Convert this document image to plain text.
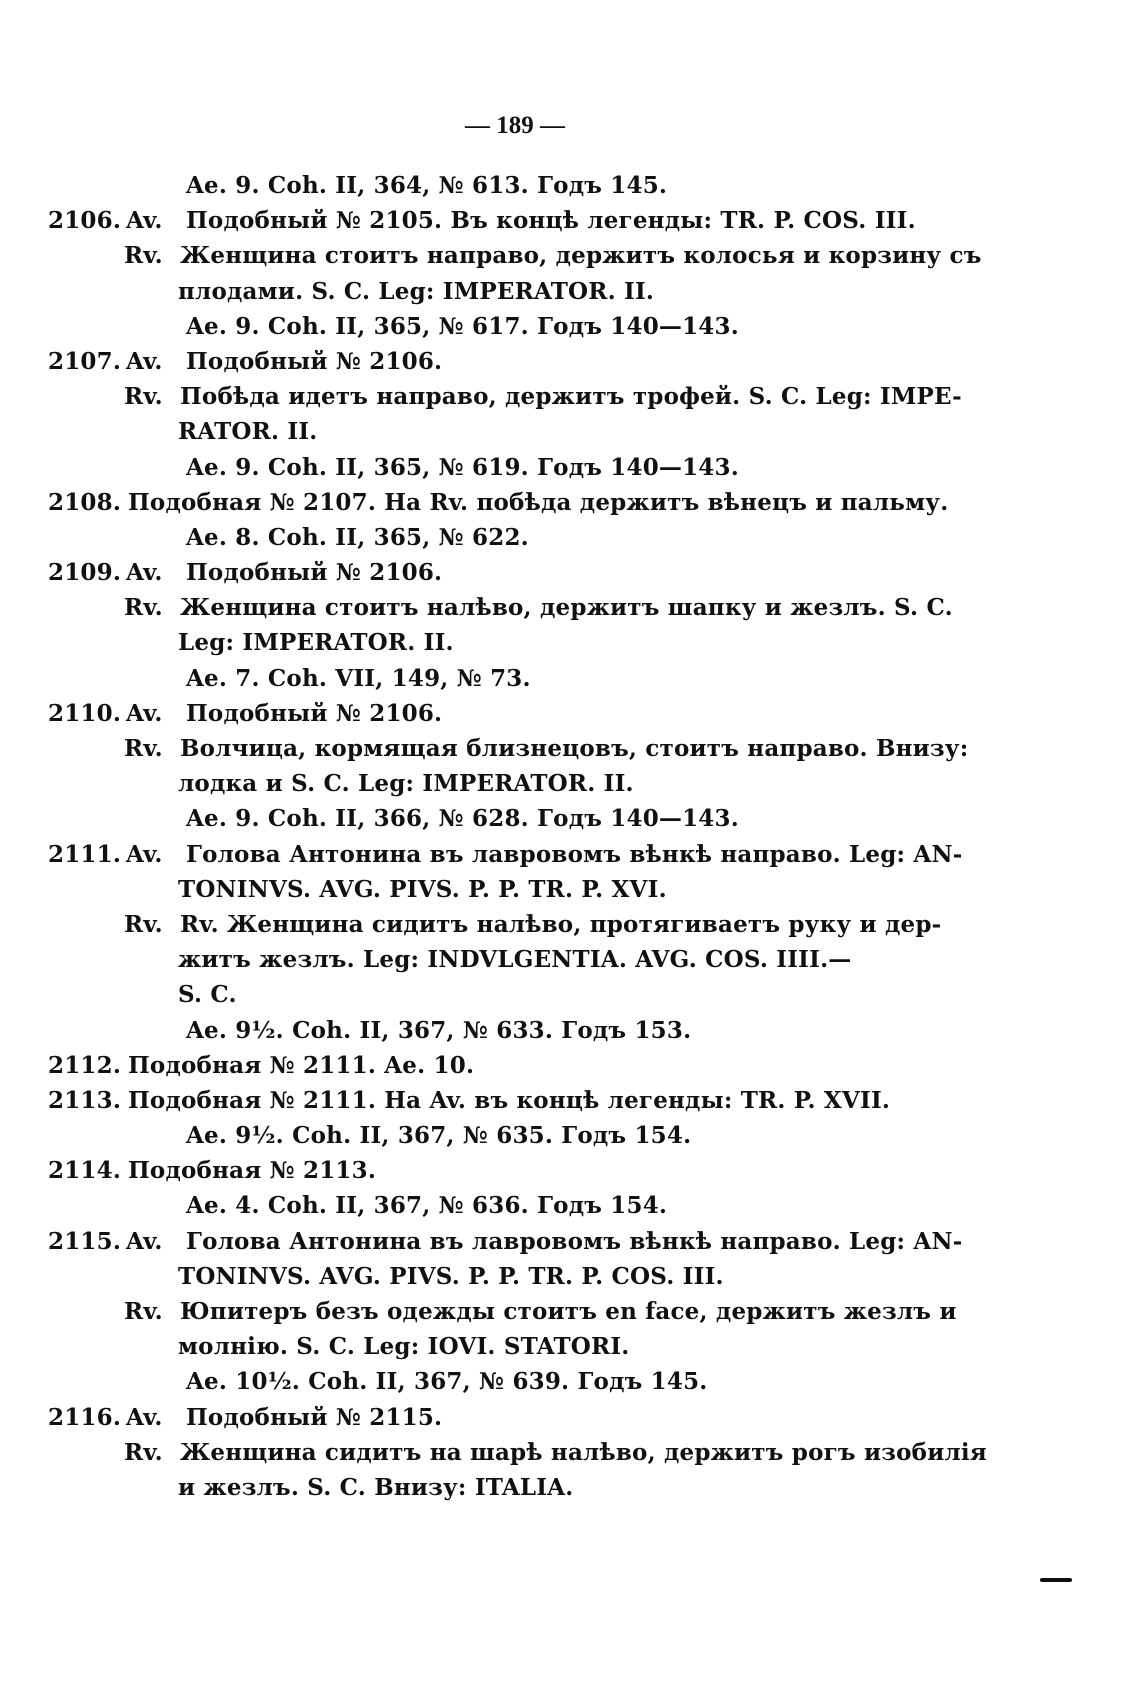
— 189 —
Ae. 9. Coh. II, 364, № 613. Годъ 145.
2106. Av.	Подобный № 2105. Въ концѣ легенды: TR. P. COS. III.
Rv. Женщина стоитъ направо, держитъ колосья и корзину съ
плодами. S. C. Leg: IMPERATOR. II.
Ae. 9. Coh. II, 365, № 617. Годъ 140—143.
2107. Av.	Подобный № 2106.
Rv. Побѣда идетъ направо, держитъ трофей. S. C. Leg: IMPE-
RATOR. II.
Ae. 9. Coh. II, 365, № 619. Годъ 140—143.
2108. Подобная № 2107. На Rv. побѣда держитъ вѣнецъ и пальму.
Ae. 8. Coh. II, 365, № 622.
2109. Av.	Подобный № 2106.
Rv. Женщина стоитъ налѣво, держитъ шапку и жезлъ. S. C.
Leg: IMPERATOR. II.
Ae. 7. Coh. VII, 149, № 73.
2110. Av.	Подобный № 2106.
Rv. Волчица, кормящая близнецовъ, стоитъ направо. Внизу:
лодка и S. C. Leg: IMPERATOR. II.
Ae. 9. Coh. II, 366, № 628. Годъ 140—143.
2111. Av.	Голова Антонина въ лавровомъ вѣнкѣ направо. Leg: AN-
TONINVS. AVG. PIVS. P. P. TR. P. XVI.
Rv. Rv. Женщина сидитъ налѣво, протягиваетъ руку и дер-
житъ жезлъ. Leg: INDVLGENTIA. AVG. COS. IIII.—
S. C.
Ae. 9½. Coh. II, 367, № 633. Годъ 153.
2112. Подобная № 2111. Ae. 10.
2113. Подобная № 2111. На Av. въ концѣ легенды: TR. P. XVII.
Ae. 9½. Coh. II, 367, № 635. Годъ 154.
2114. Подобная № 2113.
Ae. 4. Coh. II, 367, № 636. Годъ 154.
2115. Av.	Голова Антонина въ лавровомъ вѣнкѣ направо. Leg: AN-
TONINVS. AVG. PIVS. P. P. TR. P. COS. III.
Rv. Юпитеръ безъ одежды стоитъ en face, держитъ жезлъ и
молнію. S. C. Leg: IOVI. STATORI.
Ae. 10½. Coh. II, 367, № 639. Годъ 145.
2116. Av.	Подобный № 2115.
Rv. Женщина сидитъ на шарѣ налѣво, держитъ рогъ изобилія
и жезлъ. S. C. Внизу: ITALIA.
